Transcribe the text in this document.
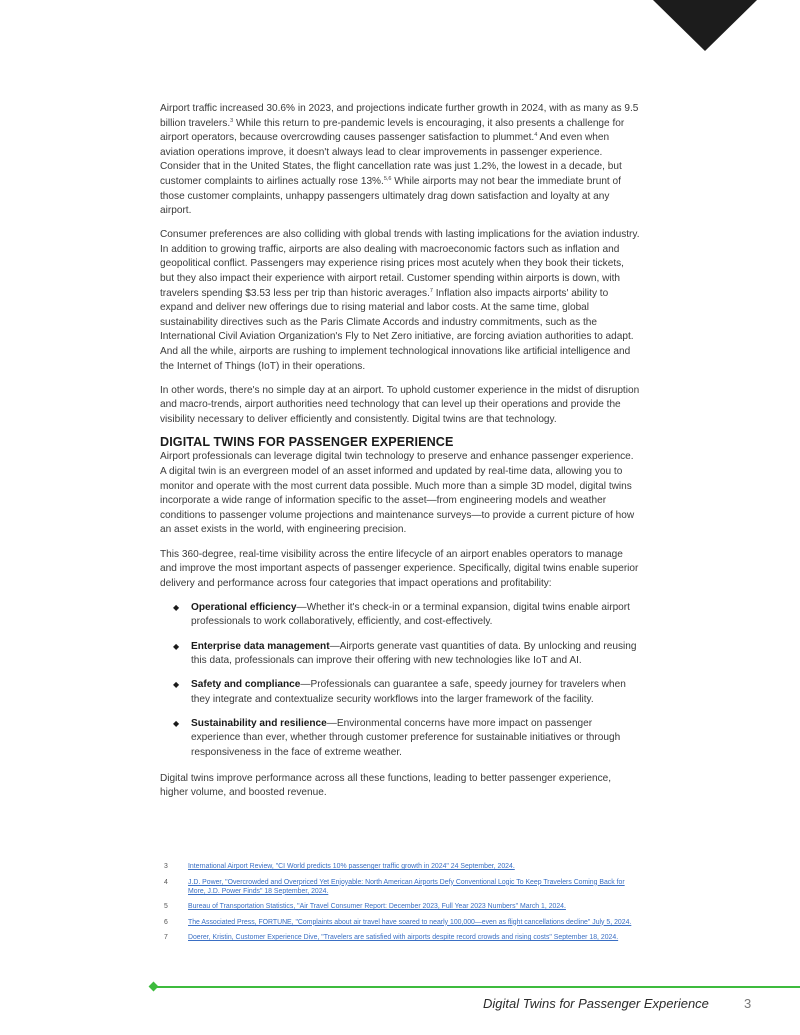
Airport traffic increased 30.6% in 2023, and projections indicate further growth in 2024, with as many as 9.5 billion travelers.$^3$ While this return to pre-pandemic levels is encouraging, it also presents a challenge for airport operators, because overcrowding causes passenger satisfaction to plummet.$^4$ And even when aviation operations improve, it doesn't always lead to clear improvements in passenger experience. Consider that in the United States, the flight cancellation rate was just 1.2%, the lowest in a decade, but customer complaints to airlines actually rose 13%.$^{5,6}$ While airports may not bear the immediate brunt of those customer complaints, unhappy passengers ultimately drag down satisfaction and loyalty at any airport.

Consumer preferences are also colliding with global trends with lasting implications for the aviation industry. In addition to growing traffic, airports are also dealing with macroeconomic factors such as inflation and geopolitical conflict. Passengers may experience rising prices most acutely when they book their tickets, but they also impact their experience with airport retail. Customer spending within airports is down, with travelers spending $3.53 less per trip than historic averages.$^7$ Inflation also impacts airports' ability to expand and deliver new offerings due to rising material and labor costs. At the same time, global sustainability directives such as the Paris Climate Accords and industry commitments, such as the International Civil Aviation Organization's Fly to Net Zero initiative, are forcing aviation authorities to adapt. And all the while, airports are rushing to implement technological innovations like artificial intelligence and the Internet of Things (IoT) in their operations.

In other words, there's no simple day at an airport. To uphold customer experience in the midst of disruption and macro-trends, airport authorities need technology that can level up their operations and provide the visibility necessary to deliver efficiently and consistently. Digital twins are that technology.

DIGITAL TWINS FOR PASSENGER EXPERIENCE

Airport professionals can leverage digital twin technology to preserve and enhance passenger experience. A digital twin is an evergreen model of an asset informed and updated by real-time data, allowing you to monitor and operate with the most current data possible. Much more than a simple 3D model, digital twins incorporate a wide range of information specific to the asset—from engineering models and weather conditions to passenger volume projections and maintenance surveys—to provide a current picture of how an asset exists in the world, with engineering precision.

This 360-degree, real-time visibility across the entire lifecycle of an airport enables operators to manage and improve the most important aspects of passenger experience. Specifically, digital twins enable superior delivery and performance across four categories that impact operations and profitability:

◆ Operational efficiency—Whether it's check-in or a terminal expansion, digital twins enable airport professionals to work collaboratively, efficiently, and cost-effectively.
◆ Enterprise data management—Airports generate vast quantities of data. By unlocking and reusing this data, professionals can improve their offering with new technologies like IoT and AI.
◆ Safety and compliance—Professionals can guarantee a safe, speedy journey for travelers when they integrate and contextualize security workflows into the larger framework of the facility.
◆ Sustainability and resilience—Environmental concerns have more impact on passenger experience than ever, whether through customer preference for sustainable initiatives or through responsiveness in the face of extreme weather.

Digital twins improve performance across all these functions, leading to better passenger experience, higher volume, and boosted revenue.

3	International Airport Review, "CI World predicts 10% passenger traffic growth in 2024" 24 September, 2024.
4	J.D. Power, "Overcrowded and Overpriced Yet Enjoyable: North American Airports Defy Conventional Logic To Keep Travelers Coming Back for More, J.D. Power Finds" 18 September, 2024.
5	Bureau of Transportation Statistics, "Air Travel Consumer Report: December 2023, Full Year 2023 Numbers" March 1, 2024.
6	The Associated Press, FORTUNE, "Complaints about air travel have soared to nearly 100,000—even as flight cancellations decline" July 5, 2024.
7	Doerer, Kristin, Customer Experience Dive, "Travelers are satisfied with airports despite record crowds and rising costs" September 18, 2024.
Digital Twins for Passenger Experience	3
